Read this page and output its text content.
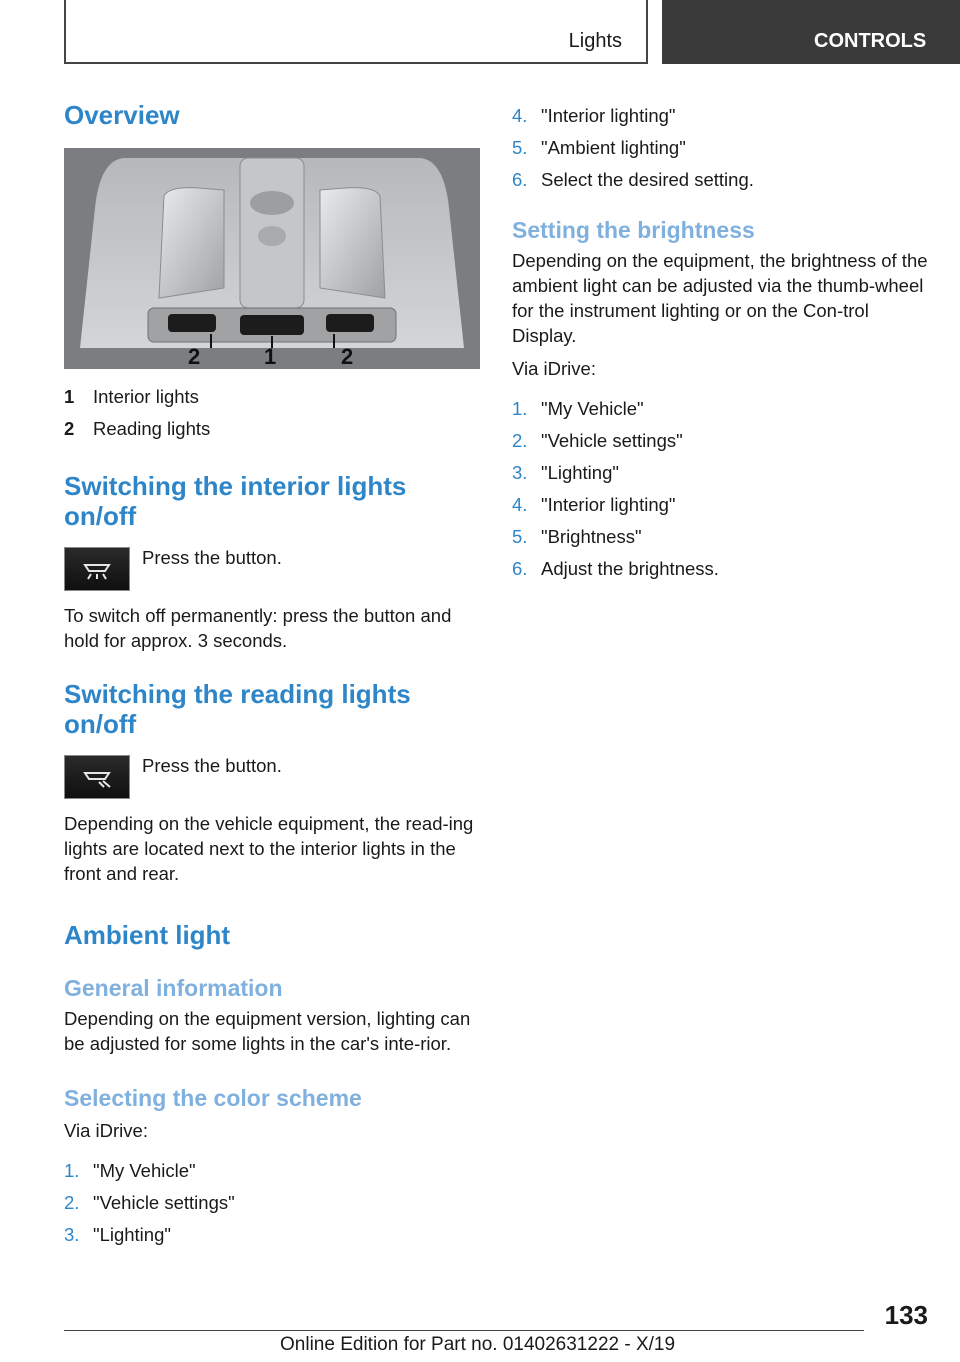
Lights	CONTROLS
Overview
2	1	2
1	Interior lights
2	Reading lights
Switching the interior lights
on/off

Press the button.

To switch off permanently: press the button and hold for approx. 3 seconds.

Switching the reading lights
on/off

Press the button.

Depending on the vehicle equipment, the read-ing lights are located next to the interior lights in the front and rear.

Ambient light
General information

Depending on the equipment version, lighting can be adjusted for some lights in the car's inte-rior.

Selecting the color scheme

Via iDrive:

1. "My Vehicle"
2. "Vehicle settings"
3. "Lighting"
4. "Interior lighting"
5. "Ambient lighting"
6. Select the desired setting.
Setting the brightness

Depending on the equipment, the brightness of the ambient light can be adjusted via the thumb-wheel for the instrument lighting or on the Con-trol Display.

Via iDrive:

1. "My Vehicle"
2. "Vehicle settings"
3. "Lighting"
4. "Interior lighting"
5. "Brightness"
6. Adjust the brightness.
133
Online Edition for Part no. 01402631222 - X/19
